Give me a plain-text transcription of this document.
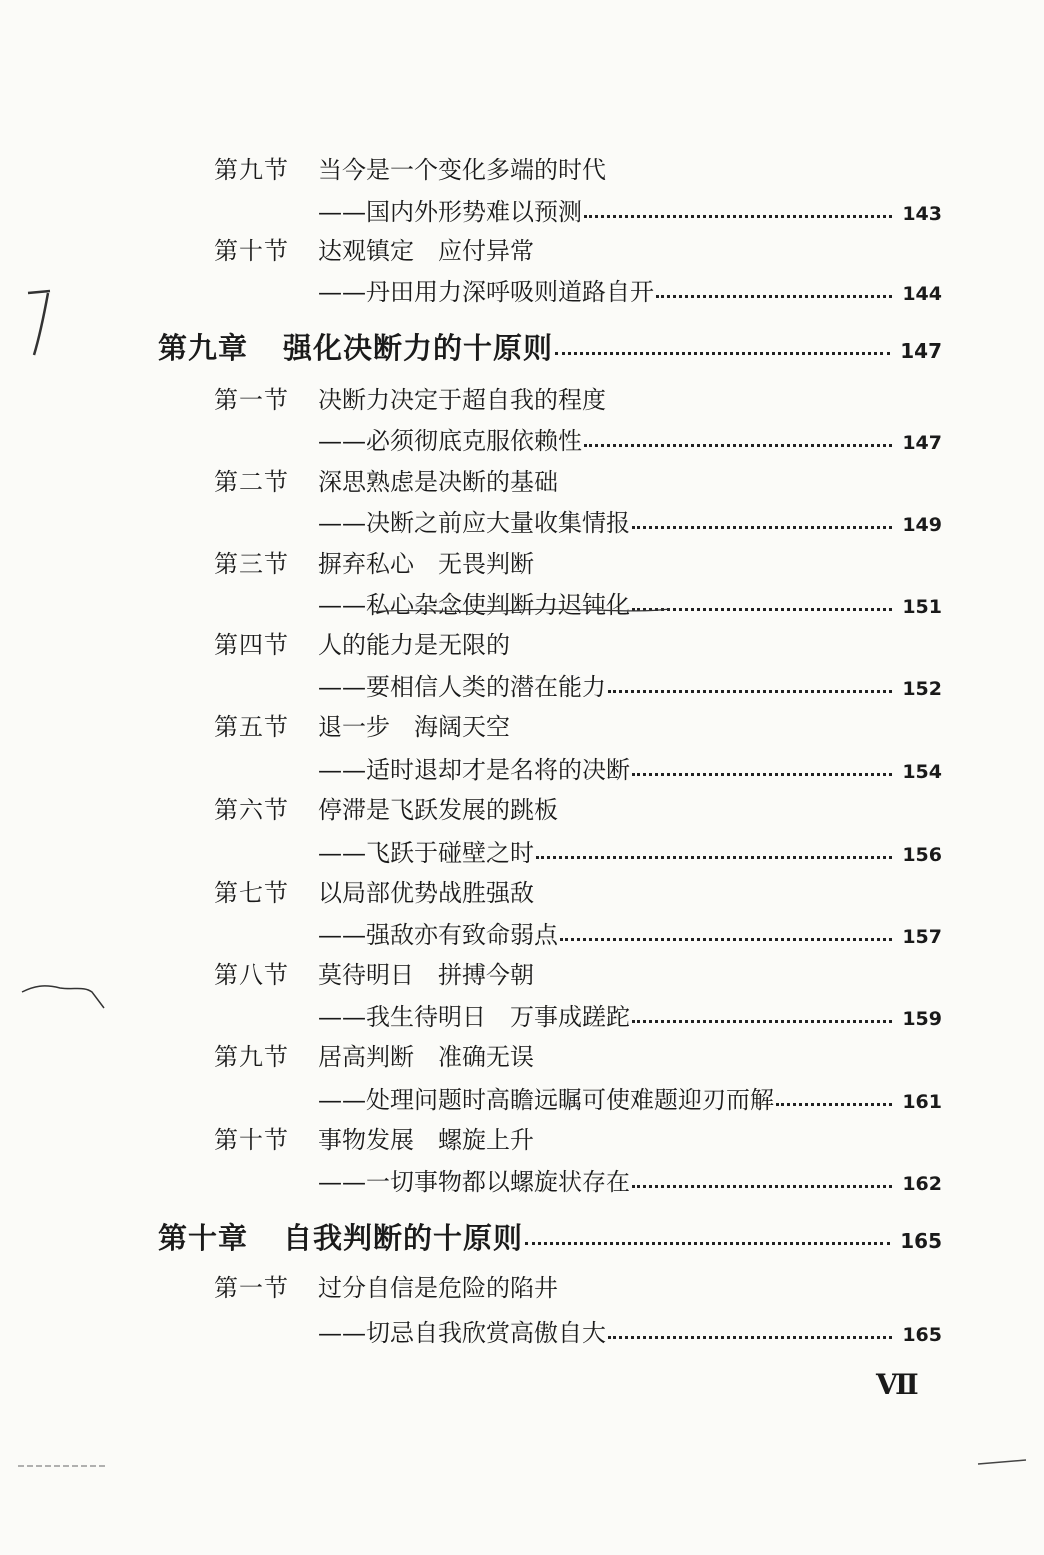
第九节	当今是一个变化多端的时代
——国内外形势难以预测	143
第十节	达观镇定　应付异常
——丹田用力深呼吸则道路自开	144
第九章	强化决断力的十原则	147
第一节	决断力决定于超自我的程度
——必须彻底克服依赖性	147
第二节	深思熟虑是决断的基础
——决断之前应大量收集情报	149
第三节	摒弃私心　无畏判断
——私心杂念使判断力迟钝化	151
第四节	人的能力是无限的
——要相信人类的潜在能力	152
第五节	退一步　海阔天空
——适时退却才是名将的决断	154
第六节	停滞是飞跃发展的跳板
——飞跃于碰壁之时	156
第七节	以局部优势战胜强敌
——强敌亦有致命弱点	157
第八节	莫待明日　拼搏今朝
——我生待明日　万事成蹉跎	159
第九节	居高判断　准确无误
——处理问题时高瞻远瞩可使难题迎刃而解	161
第十节	事物发展　螺旋上升
——一切事物都以螺旋状存在	162
第十章	自我判断的十原则	165
第一节	过分自信是危险的陷井
——切忌自我欣赏高傲自大	165
Ⅶ
